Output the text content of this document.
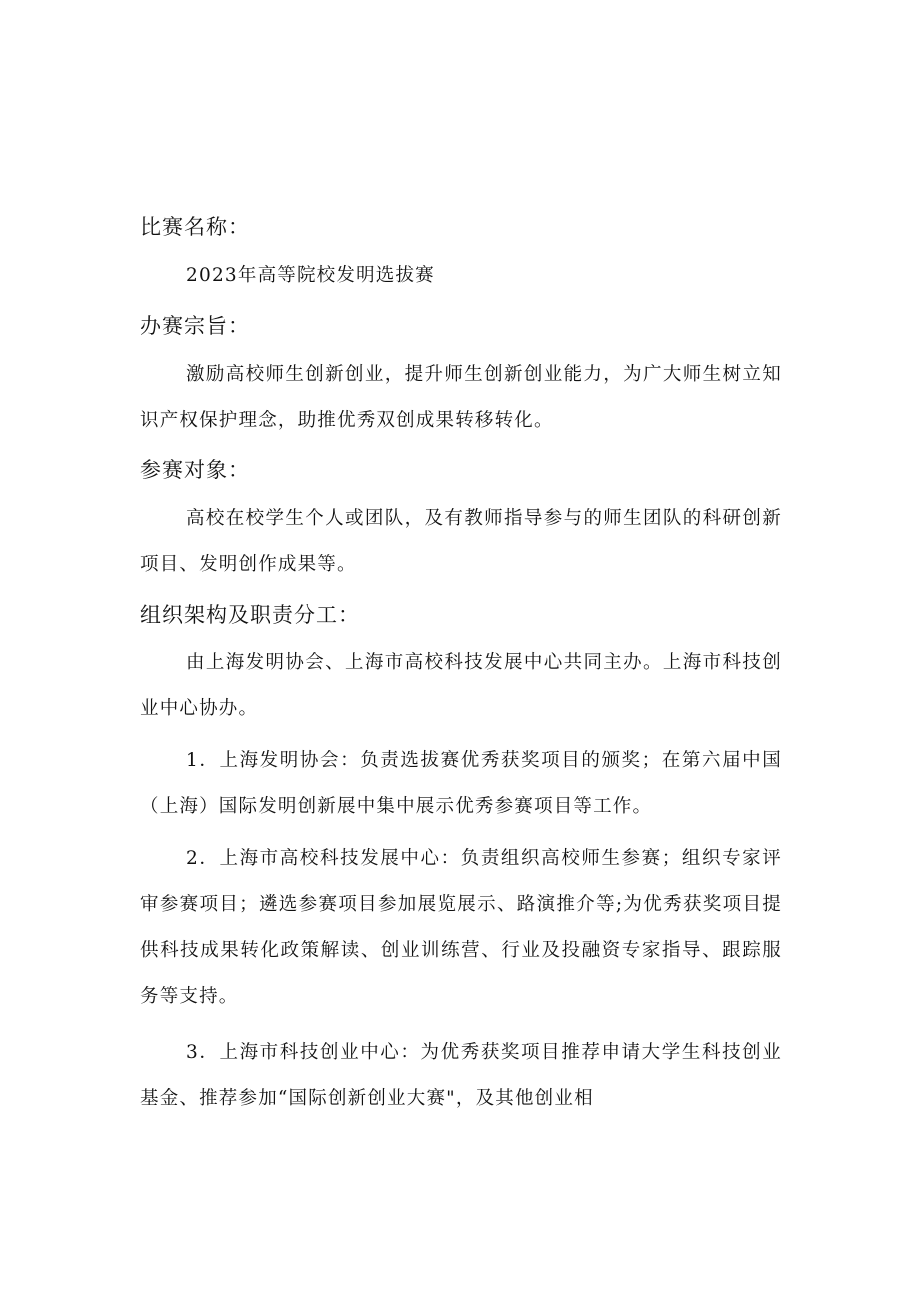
比赛名称：
2023年高等院校发明选拔赛
办赛宗旨：
激励高校师生创新创业，提升师生创新创业能力，为广大师生树立知识产权保护理念，助推优秀双创成果转移转化。
参赛对象：
高校在校学生个人或团队，及有教师指导参与的师生团队的科研创新项目、发明创作成果等。
组织架构及职责分工：
由上海发明协会、上海市高校科技发展中心共同主办。上海市科技创业中心协办。
1．上海发明协会：负责选拔赛优秀获奖项目的颁奖；在第六届中国（上海）国际发明创新展中集中展示优秀参赛项目等工作。
2．上海市高校科技发展中心：负责组织高校师生参赛；组织专家评审参赛项目；遴选参赛项目参加展览展示、路演推介等;为优秀获奖项目提供科技成果转化政策解读、创业训练营、行业及投融资专家指导、跟踪服务等支持。
3．上海市科技创业中心：为优秀获奖项目推荐申请大学生科技创业基金、推荐参加“国际创新创业大赛"，及其他创业相
